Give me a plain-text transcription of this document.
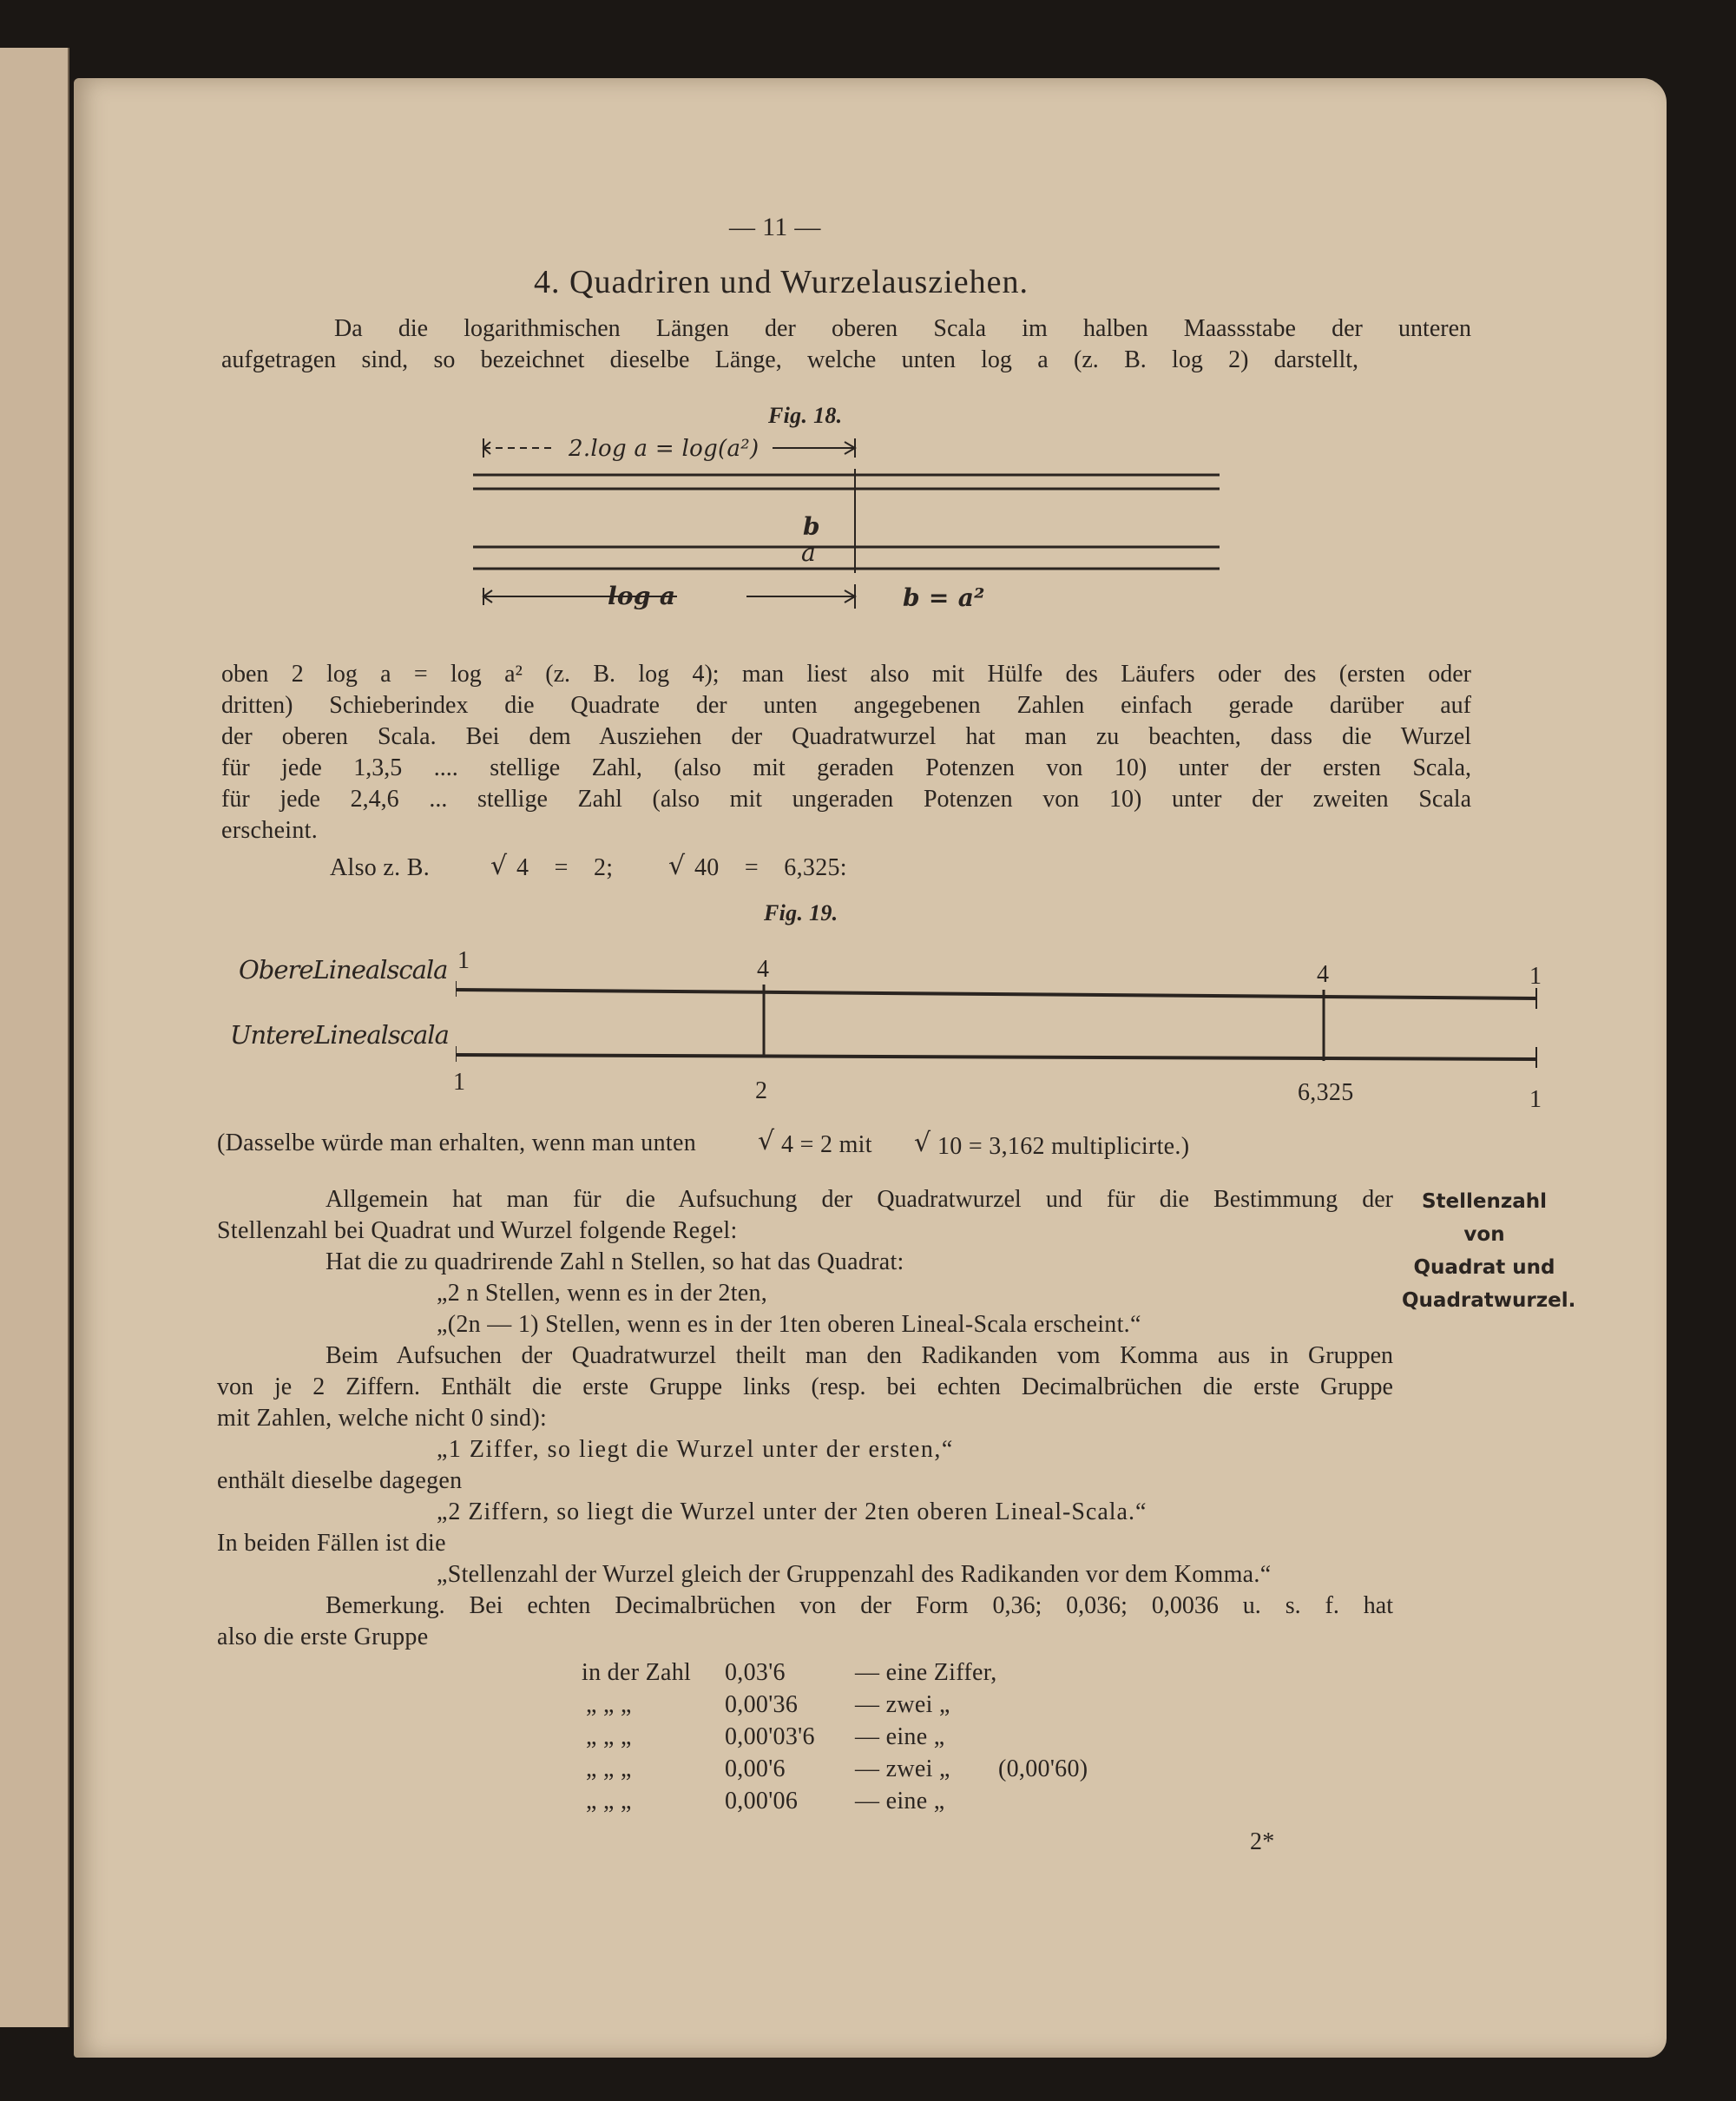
— 11 —
4. Quadriren und Wurzelausziehen.
Da die logarithmischen Längen der oberen Scala im halben Maassstabe der unteren
aufgetragen sind, so bezeichnet dieselbe Länge, welche unten log a (z. B. log 2) darstellt,
Fig. 18.
2.log a = log(a²)
b
a
log a	b = a²
oben 2 log a = log a² (z. B. log 4); man liest also mit Hülfe des Läufers oder des (ersten oder
dritten) Schieberindex die Quadrate der unten angegebenen Zahlen einfach gerade darüber auf
der oberen Scala. Bei dem Ausziehen der Quadratwurzel hat man zu beachten, dass die Wurzel
für jede 1,3,5 .... stellige Zahl, (also mit geraden Potenzen von 10) unter der ersten Scala,
für jede 2,4,6 ... stellige Zahl (also mit ungeraden Potenzen von 10) unter der zweiten Scala
erscheint.
Also z. B. √ 4 = 2; √ 40 = 6,325:
Fig. 19.
ObereLinealscala
UntereLinealscala
1	4	4	1
1	2	6,325	1
(Dasselbe würde man erhalten, wenn man unten √ 4 = 2 mit √ 10 = 3,162 multiplicirte.)
Stellenzahl von
Quadrat und
Quadratwurzel.
Allgemein hat man für die Aufsuchung der Quadratwurzel und für die Bestimmung der
Stellenzahl bei Quadrat und Wurzel folgende Regel:
Hat die zu quadrirende Zahl n Stellen, so hat das Quadrat:
„2 n Stellen, wenn es in der 2ten,
„(2n — 1) Stellen, wenn es in der 1ten oberen Lineal-Scala erscheint.“
Beim Aufsuchen der Quadratwurzel theilt man den Radikanden vom Komma aus in Gruppen
von je 2 Ziffern. Enthält die erste Gruppe links (resp. bei echten Decimalbrüchen die erste Gruppe
mit Zahlen, welche nicht 0 sind):
„1 Ziffer, so liegt die Wurzel unter der ersten,“
enthält dieselbe dagegen
„2 Ziffern, so liegt die Wurzel unter der 2ten oberen Lineal-Scala.“
In beiden Fällen ist die
„Stellenzahl der Wurzel gleich der Gruppenzahl des Radikanden vor dem Komma.“
Bemerkung. Bei echten Decimalbrüchen von der Form 0,36; 0,036; 0,0036 u. s. f. hat
also die erste Gruppe
in der Zahl 0,03'6	— eine Ziffer,
„ „ „	0,00'36 — zwei „
„ „ „	0,00'03'6 — eine „
„ „ „	0,00'6	— zwei „ (0,00'60)
„ „ „	0,00'06 — eine „
2*
